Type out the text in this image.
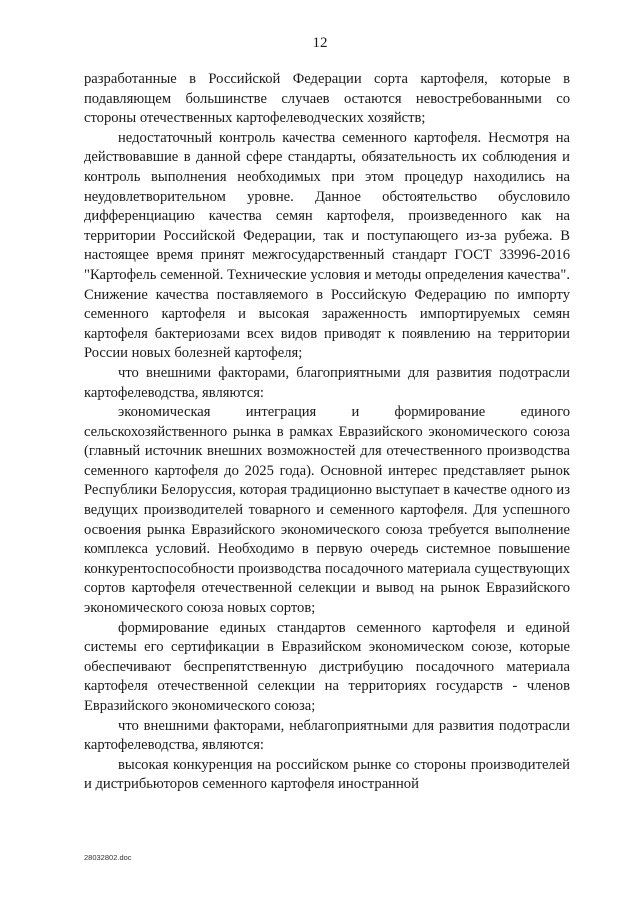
12

разработанные в Российской Федерации сорта картофеля, которые в подавляющем большинстве случаев остаются невостребованными со стороны отечественных картофелеводческих хозяйств;

недостаточный контроль качества семенного картофеля. Несмотря на действовавшие в данной сфере стандарты, обязательность их соблюдения и контроль выполнения необходимых при этом процедур находились на неудовлетворительном уровне. Данное обстоятельство обусловило дифференциацию качества семян картофеля, произведенного как на территории Российской Федерации, так и поступающего из-за рубежа. В настоящее время принят межгосударственный стандарт ГОСТ 33996-2016 "Картофель семенной. Технические условия и методы определения качества". Снижение качества поставляемого в Российскую Федерацию по импорту семенного картофеля и высокая зараженность импортируемых семян картофеля бактериозами всех видов приводят к появлению на территории России новых болезней картофеля;

что внешними факторами, благоприятными для развития подотрасли картофелеводства, являются:

экономическая интеграция и формирование единого сельскохозяйственного рынка в рамках Евразийского экономического союза (главный источник внешних возможностей для отечественного производства семенного картофеля до 2025 года). Основной интерес представляет рынок Республики Белоруссия, которая традиционно выступает в качестве одного из ведущих производителей товарного и семенного картофеля. Для успешного освоения рынка Евразийского экономического союза требуется выполнение комплекса условий. Необходимо в первую очередь системное повышение конкурентоспособности производства посадочного материала существующих сортов картофеля отечественной селекции и вывод на рынок Евразийского экономического союза новых сортов;

формирование единых стандартов семенного картофеля и единой системы его сертификации в Евразийском экономическом союзе, которые обеспечивают беспрепятственную дистрибуцию посадочного материала картофеля отечественной селекции на территориях государств - членов Евразийского экономического союза;

что внешними факторами, неблагоприятными для развития подотрасли картофелеводства, являются:

высокая конкуренция на российском рынке со стороны производителей и дистрибьюторов семенного картофеля иностранной

28032802.doc
